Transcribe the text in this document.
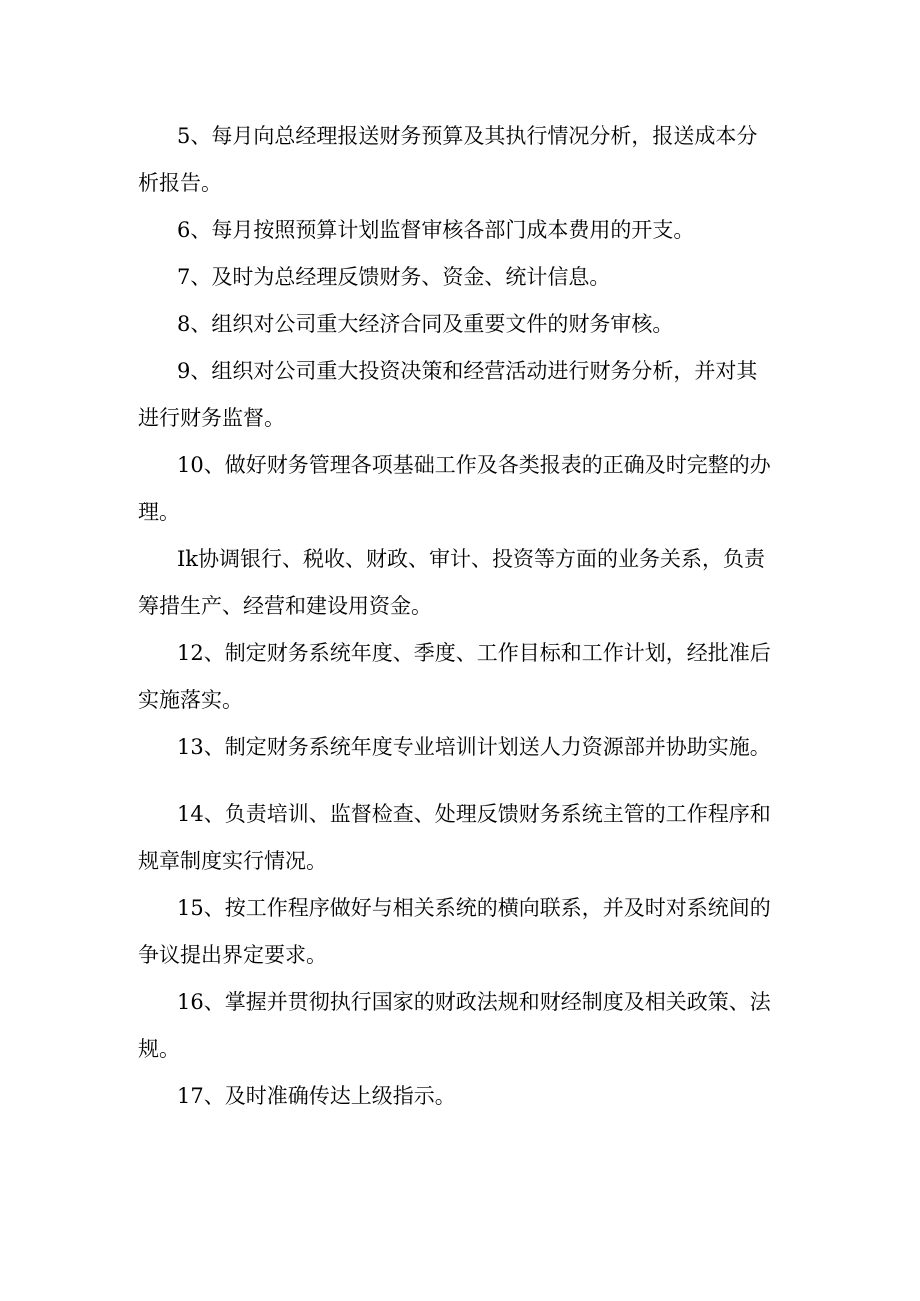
5、每月向总经理报送财务预算及其执行情况分析，报送成本分
析报告。

6、每月按照预算计划监督审核各部门成本费用的开支。

7、及时为总经理反馈财务、资金、统计信息。

8、组织对公司重大经济合同及重要文件的财务审核。

9、组织对公司重大投资决策和经营活动进行财务分析，并对其
进行财务监督。

10、做好财务管理各项基础工作及各类报表的正确及时完整的办
理。

Ik协调银行、税收、财政、审计、投资等方面的业务关系，负责
筹措生产、经营和建设用资金。

12、制定财务系统年度、季度、工作目标和工作计划，经批准后
实施落实。

13、制定财务系统年度专业培训计划送人力资源部并协助实施。

14、负责培训、监督检查、处理反馈财务系统主管的工作程序和
规章制度实行情况。

15、按工作程序做好与相关系统的横向联系，并及时对系统间的
争议提出界定要求。

16、掌握并贯彻执行国家的财政法规和财经制度及相关政策、法
规。

17、及时准确传达上级指示。
